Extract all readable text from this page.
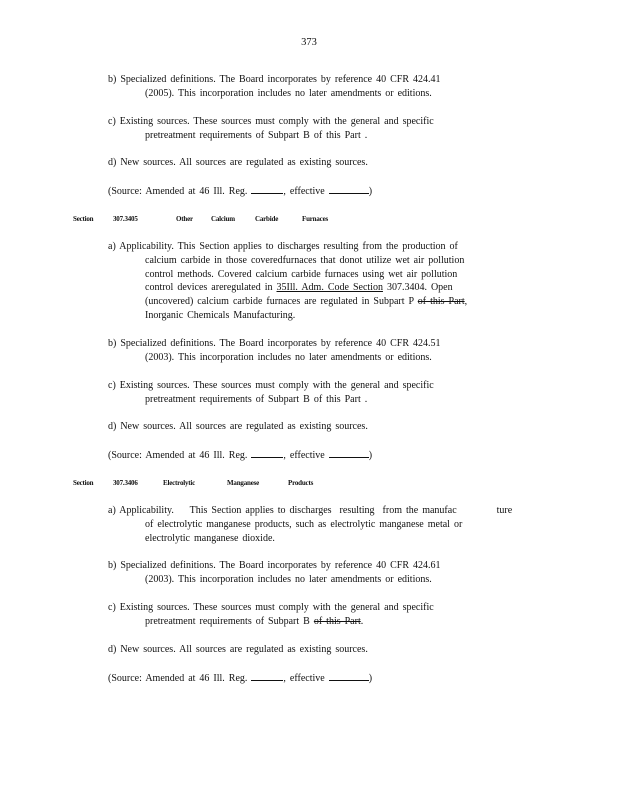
373
b) Specialized definitions. The Board incorporates by reference 40 CFR 424.41
(2005). This incorporation includes no later amendments or editions.
c) Existing sources. These sources must comply with the general and specific
pretreatment requirements of Subpart B of this Part .
d) New sources. All sources are regulated as existing sources.
(Source: Amended at 46 Ill. Reg.	, effective	)
Section	307.3405	Other	Calcium	Carbide	Furnaces
a) Applicability. This Section applies to discharges resulting from the production of
calcium carbide in those coveredfurnaces that donot utilize wet air pollution
control methods. Covered calcium carbide furnaces using wet air pollution
control devices areregulated in 35Ill. Adm. Code Section 307.3404. Open
(uncovered) calcium carbide furnaces are regulated in Subpart P of this Part,
Inorganic Chemicals Manufacturing.
b) Specialized definitions. The Board incorporates by reference 40 CFR 424.51
(2003). This incorporation includes no later amendments or editions.
c) Existing sources. These sources must comply with the general and specific
pretreatment requirements of Subpart B of this Part .
d) New sources. All sources are regulated as existing sources.
(Source: Amended at 46 Ill. Reg.	, effective	)
Section	307.3406	Electrolytic	Manganese	Products
a) Applicability.    This Section applies to discharges  resulting  from the manufac          ture
of electrolytic manganese products, such as electrolytic manganese metal or
electrolytic manganese dioxide.
b) Specialized definitions. The Board incorporates by reference 40 CFR 424.61
(2003). This incorporation includes no later amendments or editions.
c) Existing sources. These sources must comply with the general and specific
pretreatment requirements of Subpart B of this Part.
d) New sources. All sources are regulated as existing sources.
(Source: Amended at 46 Ill. Reg.	, effective	)
